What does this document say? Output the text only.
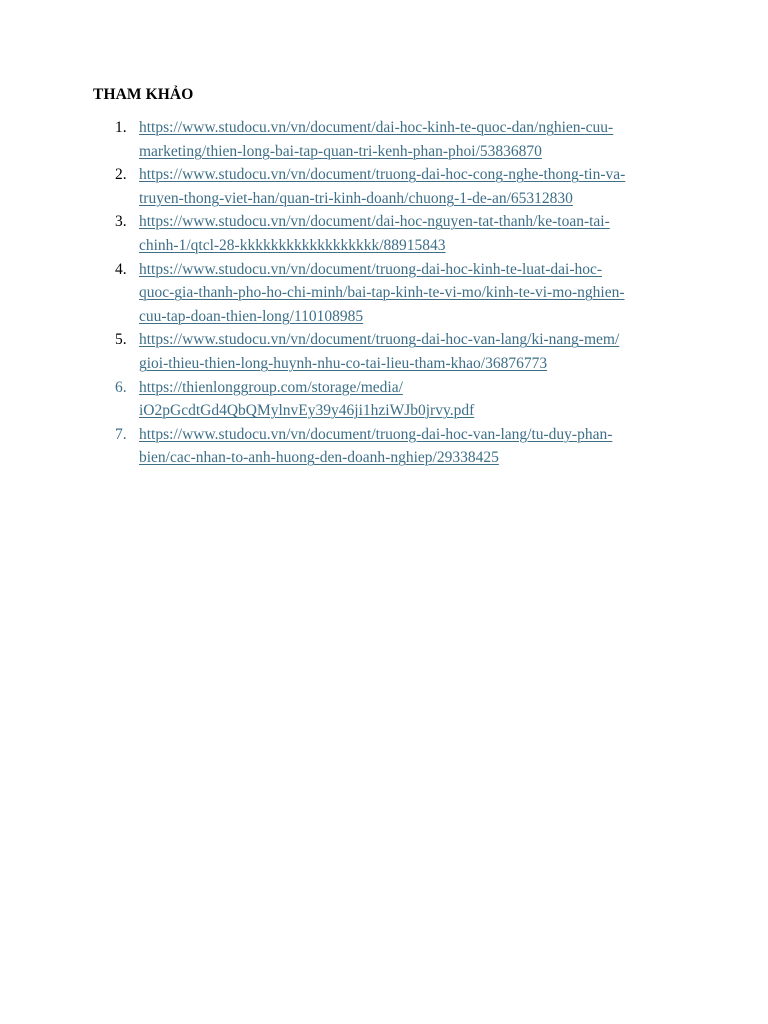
THAM KHẢO
1. https://www.studocu.vn/vn/document/dai-hoc-kinh-te-quoc-dan/nghien-cuu-
marketing/thien-long-bai-tap-quan-tri-kenh-phan-phoi/53836870
2. https://www.studocu.vn/vn/document/truong-dai-hoc-cong-nghe-thong-tin-va-
truyen-thong-viet-han/quan-tri-kinh-doanh/chuong-1-de-an/65312830
3. https://www.studocu.vn/vn/document/dai-hoc-nguyen-tat-thanh/ke-toan-tai-
chinh-1/qtcl-28-kkkkkkkkkkkkkkkkkk/88915843
4. https://www.studocu.vn/vn/document/truong-dai-hoc-kinh-te-luat-dai-hoc-
quoc-gia-thanh-pho-ho-chi-minh/bai-tap-kinh-te-vi-mo/kinh-te-vi-mo-nghien-
cuu-tap-doan-thien-long/110108985
5. https://www.studocu.vn/vn/document/truong-dai-hoc-van-lang/ki-nang-mem/
gioi-thieu-thien-long-huynh-nhu-co-tai-lieu-tham-khao/36876773
6. https://thienlonggroup.com/storage/media/
iO2pGcdtGd4QbQMylnvEy39y46ji1hziWJb0jrvy.pdf
7. https://www.studocu.vn/vn/document/truong-dai-hoc-van-lang/tu-duy-phan-
bien/cac-nhan-to-anh-huong-den-doanh-nghiep/29338425
